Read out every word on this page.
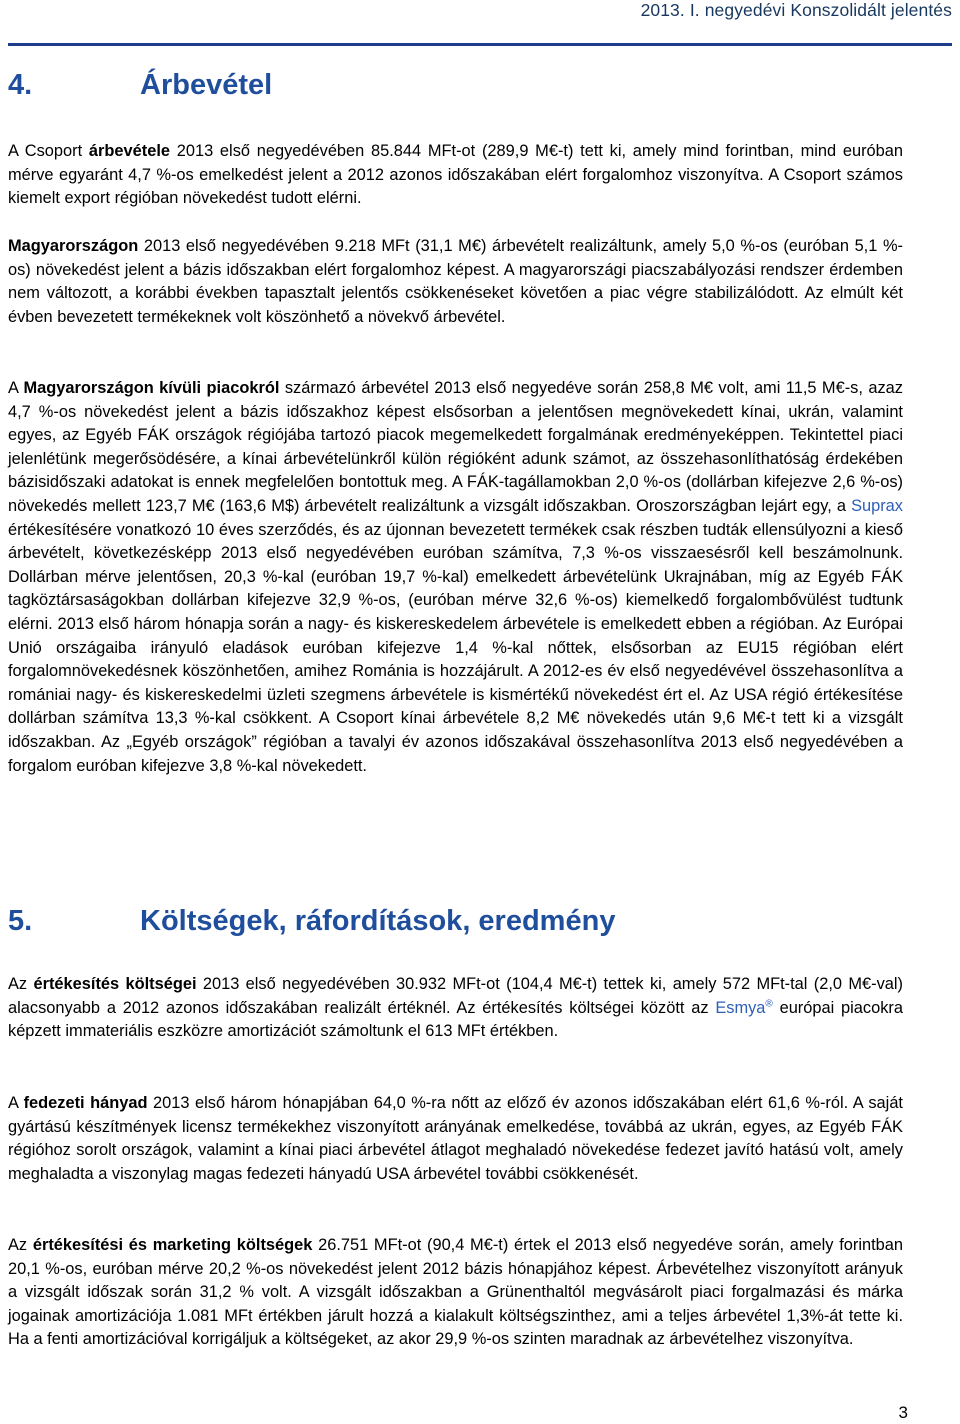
2013. I. negyedévi Konszolidált jelentés
4.	Árbevétel

A Csoport árbevétele 2013 első negyedévében 85.844 MFt-ot (289,9 M€-t) tett ki, amely mind forintban, mind euróban mérve egyaránt 4,7 %-os emelkedést jelent a 2012 azonos időszakában elért forgalomhoz viszonyítva. A Csoport számos kiemelt export régióban növekedést tudott elérni.

Magyarországon 2013 első negyedévében 9.218 MFt (31,1 M€) árbevételt realizáltunk, amely 5,0 %-os (euróban 5,1 %-os) növekedést jelent a bázis időszakban elért forgalomhoz képest. A magyarországi piacszabályozási rendszer érdemben nem változott, a korábbi években tapasztalt jelentős csökkenéseket követően a piac végre stabilizálódott. Az elmúlt két évben bevezetett termékeknek volt köszönhető a növekvő árbevétel.

A Magyarországon kívüli piacokról származó árbevétel 2013 első negyedéve során 258,8 M€ volt, ami 11,5 M€-s, azaz 4,7 %-os növekedést jelent a bázis időszakhoz képest elsősorban a jelentősen megnövekedett kínai, ukrán, valamint egyes, az Egyéb FÁK országok régiójába tartozó piacok megemelkedett forgalmának eredményeképpen. Tekintettel piaci jelenlétünk megerősödésére, a kínai árbevételünkről külön régióként adunk számot, az összehasonlíthatóság érdekében bázisidőszaki adatokat is ennek megfelelően bontottuk meg. A FÁK-tagállamokban 2,0 %-os (dollárban kifejezve 2,6 %-os) növekedés mellett 123,7 M€ (163,6 M$) árbevételt realizáltunk a vizsgált időszakban. Oroszországban lejárt egy, a Suprax értékesítésére vonatkozó 10 éves szerződés, és az újonnan bevezetett termékek csak részben tudták ellensúlyozni a kieső árbevételt, következésképp 2013 első negyedévében euróban számítva, 7,3 %-os visszaesésről kell beszámolnunk. Dollárban mérve jelentősen, 20,3 %-kal (euróban 19,7 %-kal) emelkedett árbevételünk Ukrajnában, míg az Egyéb FÁK tagköztársaságokban dollárban kifejezve 32,9 %-os, (euróban mérve 32,6 %-os) kiemelkedő forgalombővülést tudtunk elérni. 2013 első három hónapja során a nagy- és kiskereskedelem árbevétele is emelkedett ebben a régióban. Az Európai Unió országaiba irányuló eladások euróban kifejezve 1,4 %-kal nőttek, elsősorban az EU15 régióban elért forgalomnövekedésnek köszönhetően, amihez Románia is hozzájárult. A 2012-es év első negyedévével összehasonlítva a romániai nagy- és kiskereskedelmi üzleti szegmens árbevétele is kismértékű növekedést ért el. Az USA régió értékesítése dollárban számítva 13,3 %-kal csökkent. A Csoport kínai árbevétele 8,2 M€ növekedés után 9,6 M€-t tett ki a vizsgált időszakban. Az „Egyéb országok” régióban a tavalyi év azonos időszakával összehasonlítva 2013 első negyedévében a forgalom euróban kifejezve 3,8 %-kal növekedett.

5.	Költségek, ráfordítások, eredmény

Az értékesítés költségei 2013 első negyedévében 30.932 MFt-ot (104,4 M€-t) tettek ki, amely 572 MFt-tal (2,0 M€-val) alacsonyabb a 2012 azonos időszakában realizált értéknél. Az értékesítés költségei között az Esmya® európai piacokra képzett immateriális eszközre amortizációt számoltunk el 613 MFt értékben.

A fedezeti hányad 2013 első három hónapjában 64,0 %-ra nőtt az előző év azonos időszakában elért 61,6 %-ról. A saját gyártású készítmények licensz termékekhez viszonyított arányának emelkedése, továbbá az ukrán, egyes, az Egyéb FÁK régióhoz sorolt országok, valamint a kínai piaci árbevétel átlagot meghaladó növekedése fedezet javító hatású volt, amely meghaladta a viszonylag magas fedezeti hányadú USA árbevétel további csökkenését.

Az értékesítési és marketing költségek 26.751 MFt-ot (90,4 M€-t) értek el 2013 első negyedéve során, amely forintban 20,1 %-os, euróban mérve 20,2 %-os növekedést jelent 2012 bázis hónapjához képest. Árbevételhez viszonyított arányuk a vizsgált időszak során 31,2 % volt. A vizsgált időszakban a Grünenthaltól megvásárolt piaci forgalmazási és márka jogainak amortizációja 1.081 MFt értékben járult hozzá a kialakult költségszinthez, ami a teljes árbevétel 1,3%-át tette ki. Ha a fenti amortizációval korrigáljuk a költségeket, az akor 29,9 %-os szinten maradnak az árbevételhez viszonyítva.

3
